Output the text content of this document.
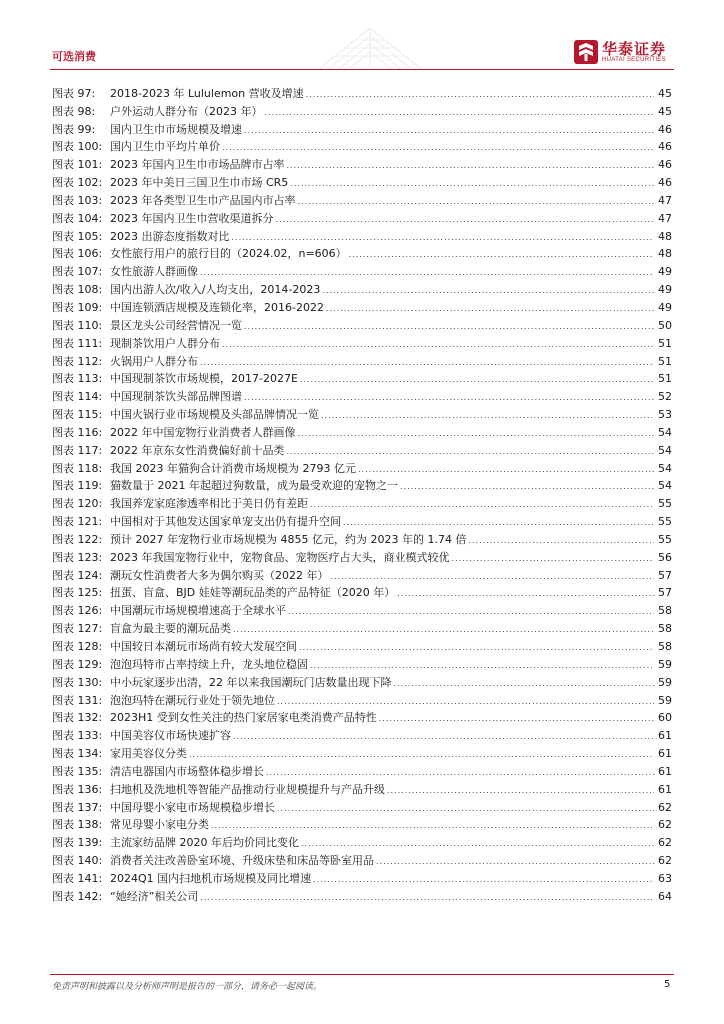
可选消费	华泰证券
HUATAI SECURITIES
图表 97:	2018-2023 年 Lululemon 营收及增速 .....	45
图表 98:	户外运动人群分布（2023 年） .....	45
图表 99:	国内卫生巾市场规模及增速 .....	46
图表 100: 国内卫生巾平均片单价 .....	46
图表 101: 2023 年国内卫生巾市场品牌市占率 .....	46
图表 102: 2023 年中美日三国卫生巾市场 CR5 .....	46
图表 103: 2023 年各类型卫生巾产品国内市占率 .....	47
图表 104: 2023 年国内卫生巾营收渠道拆分 .....	47
图表 105: 2023 出游态度指数对比 .....	48
图表 106: 女性旅行用户的旅行目的（2024.02，n=606） .....	48
图表 107: 女性旅游人群画像 .....	49
图表 108: 国内出游人次/收入/人均支出，2014-2023 .....	49
图表 109: 中国连锁酒店规模及连锁化率，2016-2022 .....	49
图表 110: 景区龙头公司经营情况一览 .....	50
图表 111: 现制茶饮用户人群分布 .....	51
图表 112: 火锅用户人群分布 .....	51
图表 113: 中国现制茶饮市场规模，2017-2027E .....	51
图表 114: 中国现制茶饮头部品牌图谱 .....	52
图表 115: 中国火锅行业市场规模及头部品牌情况一览 .....	53
图表 116: 2022 年中国宠物行业消费者人群画像 .....	54
图表 117: 2022 年京东女性消费偏好前十品类 .....	54
图表 118: 我国 2023 年猫狗合计消费市场规模为 2793 亿元 .....	54
图表 119: 猫数量于 2021 年起超过狗数量，成为最受欢迎的宠物之一 .....	54
图表 120: 我国养宠家庭渗透率相比于美日仍有差距 .....	55
图表 121: 中国相对于其他发达国家单宠支出仍有提升空间 .....	55
图表 122: 预计 2027 年宠物行业市场规模为 4855 亿元，约为 2023 年的 1.74 倍 .....	55
图表 123: 2023 年我国宠物行业中，宠物食品、宠物医疗占大头，商业模式较优 .....	56
图表 124: 潮玩女性消费者大多为偶尔购买（2022 年） .....	57
图表 125: 扭蛋、盲盒、BJD 娃娃等潮玩品类的产品特征（2020 年） .....	57
图表 126: 中国潮玩市场规模增速高于全球水平 .....	58
图表 127: 盲盒为最主要的潮玩品类 .....	58
图表 128: 中国较日本潮玩市场尚有较大发展空间 .....	58
图表 129: 泡泡玛特市占率持续上升，龙头地位稳固 .....	59
图表 130: 中小玩家逐步出清，22 年以来我国潮玩门店数量出现下降 .....	59
图表 131: 泡泡玛特在潮玩行业处于领先地位 .....	59
图表 132: 2023H1 受到女性关注的热门家居家电类消费产品特性 .....	60
图表 133: 中国美容仪市场快速扩容 .....	61
图表 134: 家用美容仪分类 .....	61
图表 135: 清洁电器国内市场整体稳步增长 .....	61
图表 136: 扫地机及洗地机等智能产品推动行业规模提升与产品升级 .....	61
图表 137: 中国母婴小家电市场规模稳步增长 .....	62
图表 138: 常见母婴小家电分类 .....	62
图表 139: 主流家纺品牌 2020 年后均价同比变化 .....	62
图表 140: 消费者关注改善卧室环境、升级床垫和床品等卧室用品 .....	62
图表 141: 2024Q1 国内扫地机市场规模及同比增速 .....	63
图表 142: “她经济”相关公司 .....	64
免责声明和披露以及分析师声明是报告的一部分，请务必一起阅读。	5
